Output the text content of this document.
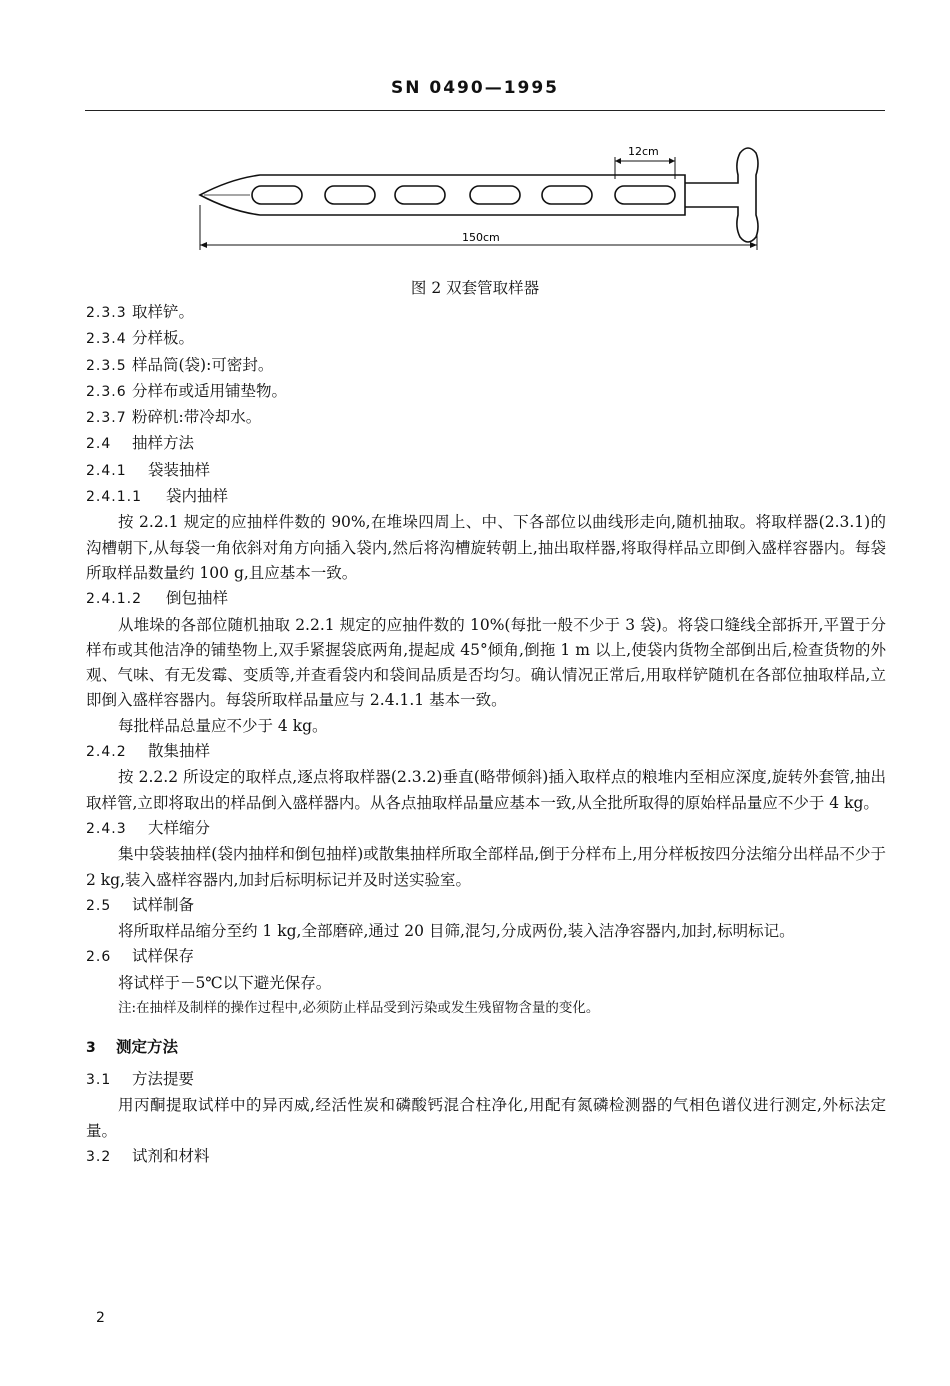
SN 0490—1995
12cm
150cm
图 2 双套管取样器
2.3.3 取样铲。
2.3.4 分样板。
2.3.5 样品筒(袋):可密封。
2.3.6 分样布或适用铺垫物。
2.3.7 粉碎机:带冷却水。
2.4 抽样方法
2.4.1 袋装抽样
2.4.1.1 袋内抽样
按 2.2.1 规定的应抽样件数的 90%,在堆垛四周上、中、下各部位以曲线形走向,随机抽取。将取样器(2.3.1)的沟槽朝下,从每袋一角依斜对角方向插入袋内,然后将沟槽旋转朝上,抽出取样器,将取得样品立即倒入盛样容器内。每袋所取样品数量约 100 g,且应基本一致。
2.4.1.2 倒包抽样
从堆垛的各部位随机抽取 2.2.1 规定的应抽件数的 10%(每批一般不少于 3 袋)。将袋口缝线全部拆开,平置于分样布或其他洁净的铺垫物上,双手紧握袋底两角,提起成 45°倾角,倒拖 1 m 以上,使袋内货物全部倒出后,检查货物的外观、气味、有无发霉、变质等,并查看袋内和袋间品质是否均匀。确认情况正常后,用取样铲随机在各部位抽取样品,立即倒入盛样容器内。每袋所取样品量应与 2.4.1.1 基本一致。
每批样品总量应不少于 4 kg。
2.4.2 散集抽样
按 2.2.2 所设定的取样点,逐点将取样器(2.3.2)垂直(略带倾斜)插入取样点的粮堆内至相应深度,旋转外套管,抽出取样管,立即将取出的样品倒入盛样器内。从各点抽取样品量应基本一致,从全批所取得的原始样品量应不少于 4 kg。
2.4.3 大样缩分
集中袋装抽样(袋内抽样和倒包抽样)或散集抽样所取全部样品,倒于分样布上,用分样板按四分法缩分出样品不少于 2 kg,装入盛样容器内,加封后标明标记并及时送实验室。
2.5 试样制备
将所取样品缩分至约 1 kg,全部磨碎,通过 20 目筛,混匀,分成两份,装入洁净容器内,加封,标明标记。
2.6 试样保存
将试样于－5℃以下避光保存。
注:在抽样及制样的操作过程中,必须防止样品受到污染或发生残留物含量的变化。
3 测定方法
3.1 方法提要
用丙酮提取试样中的异丙威,经活性炭和磷酸钙混合柱净化,用配有氮磷检测器的气相色谱仪进行测定,外标法定量。
3.2 试剂和材料
2
